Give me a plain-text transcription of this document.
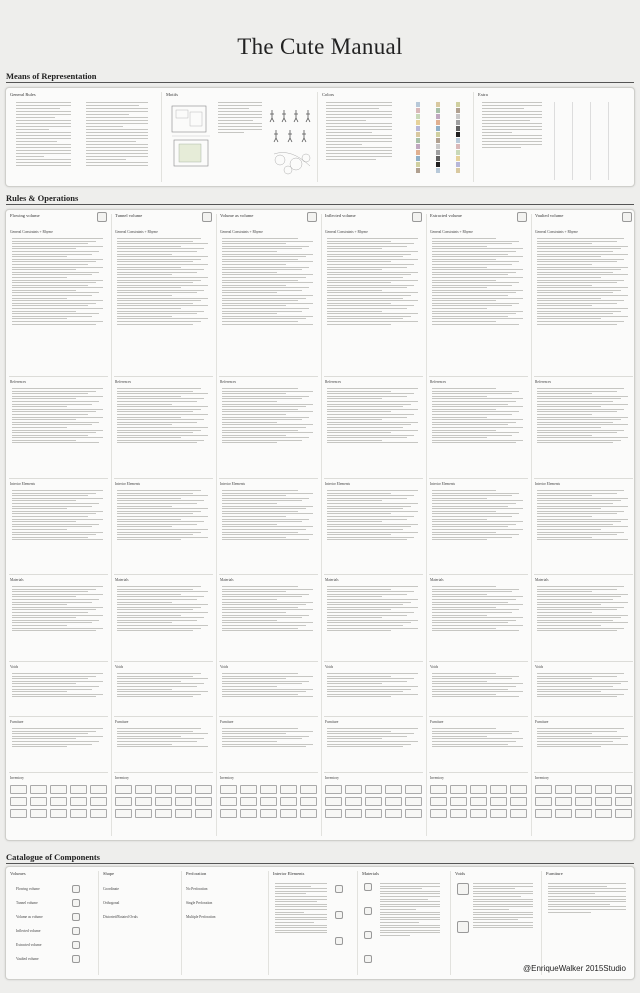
The Cute Manual
Means of Representation
General Rules	Motifs	Colors	Extra
Rules & Operations
Flowing volume
General Constraints + Rhyme
References
Interior Elements
Materials
Voids
Furniture
Inventory
Tunnel volume
General Constraints + Rhyme
References
Interior Elements
Materials
Voids
Furniture
Inventory
Volume as volume
General Constraints + Rhyme
References
Interior Elements
Materials
Voids
Furniture
Inventory
Inflected volume
General Constraints + Rhyme
References
Interior Elements
Materials
Voids
Furniture
Inventory
Extracted volume
General Constraints + Rhyme
References
Interior Elements
Materials
Voids
Furniture
Inventory
Vaulted volume
General Constraints + Rhyme
References
Interior Elements
Materials
Voids
Furniture
Inventory
Catalogue of Components
Volumes
Flowing volume
Tunnel volume
Volume as volume
Inflected volume
Extracted volume
Vaulted volume
Shape
Coordinate
Orthogonal
Distorted/Rotated Ovals
Perforation
No Perforation
Single Perforation
Multiple Perforation
Interior Elements	Materials	Voids	Furniture
@EnriqueWalker 2015Studio
